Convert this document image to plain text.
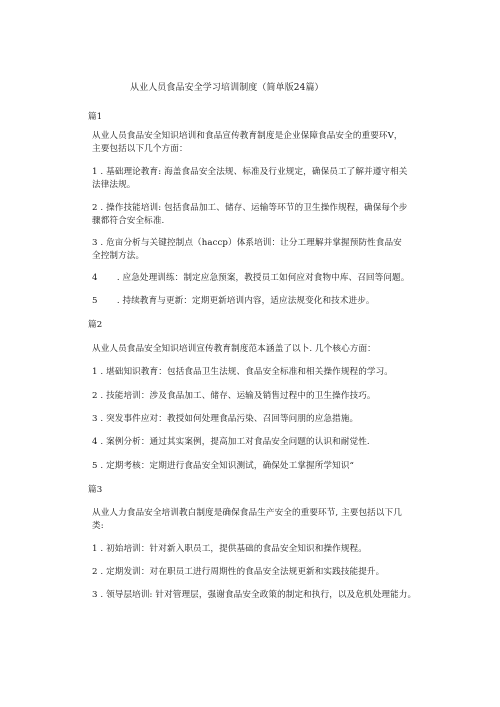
从业人员食品安全学习培训制度（简单版24篇）
篇1
从业人员食品安全知识培训和食品宣传教育制度是企业保障食品安全的重要环V，主要包括以下几个方面：
1 . 基础理论教育: 海盖食品安全法规、标准及行业规定，确保员工了解并遵守相关法律法规。
2 . 操作技能培训: 包括食品加工、储存、运输等环节的卫生操作规程，确保每个步骤都符合安全标准.
3 . 危亩分析与关键控制点（haccp）体系培训：让分工理解并掌握预防性食品安全控制方法。
4 . 应急处理训练：制定应急预案，教授员工如何应对食物中库、召回等问题。
5 . 持续教育与更新：定期更新培训内容，适应法规变化和技术进步。
篇2
从业人员食品安全知识培训宣传教育制度范本涵盖了以卜. 几个核心方面：
1 . 堪础知识教育：包括食品卫生法规、食品安全标准和相关操作规程的学习。
2 . 技能培训：涉及食品加工、储存、运输及销售过程中的卫生操作技巧。
3 . 突发事件应对：教授如何处理食品污染、召回等问朋的应急措施。
4 . 案例分析：通过其实案例，提高加工对食品安全问题的认识和耐觉性.
5 . 定期考核：定期进行食品安全知识测试，确保处工掌握所学知识“
篇3
从业人力食品安全培训教白制度是确保食品生产安全的重要环节, 主要包括以下几类:
1 . 初始培训：针对新入职员工，提供基础的食品安全知识和操作规程。
2 . 定期发训：对在职员工进行周期性的食品安全法规更新和实践技能提升。
3 . 领导层培训: 针对管理层，强谢食品安全政策的制定和执行，以及危机处理能力。
